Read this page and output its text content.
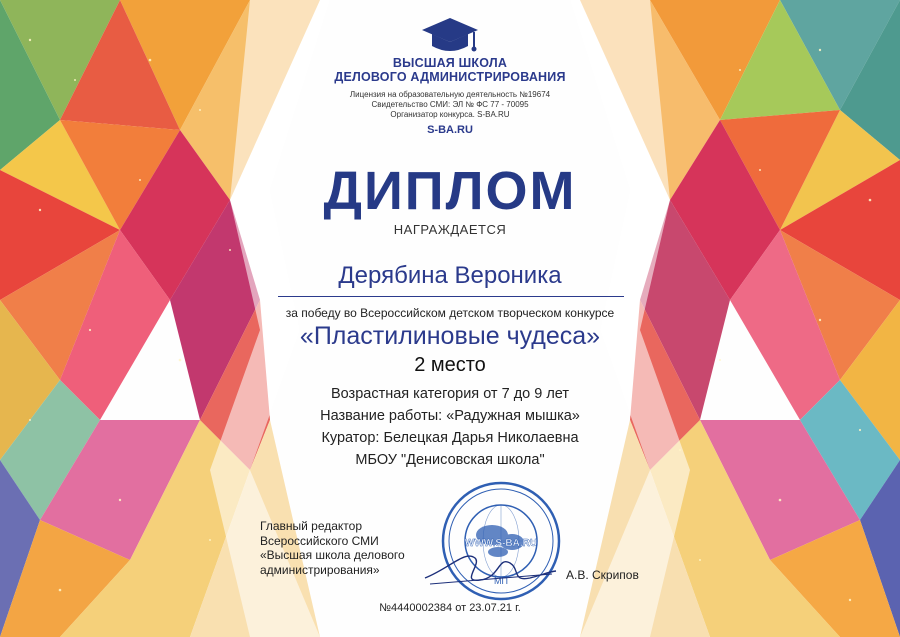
ВЫСШАЯ ШКОЛА
ДЕЛОВОГО АДМИНИСТРИРОВАНИЯ
Лицензия на образовательную деятельность №19674
Свидетельство СМИ: ЭЛ № ФС 77 - 70095
Организатор конкурса. S-BA.RU
S-BA.RU
ДИПЛОМ
НАГРАЖДАЕТСЯ
Дерябина Вероника
за победу во Всероссийском детском творческом конкурсе
«Пластилиновые чудеса»
2 место
Возрастная категория от 7 до 9 лет
Название работы: «Радужная мышка»
Куратор: Белецкая Дарья Николаевна
МБОУ "Денисовская школа"
Главный редактор
Всероссийского СМИ
«Высшая школа делового
администрирования»
WWW.S-BA.RU
МП	А.В. Скрипов
№4440002384 от 23.07.21 г.
